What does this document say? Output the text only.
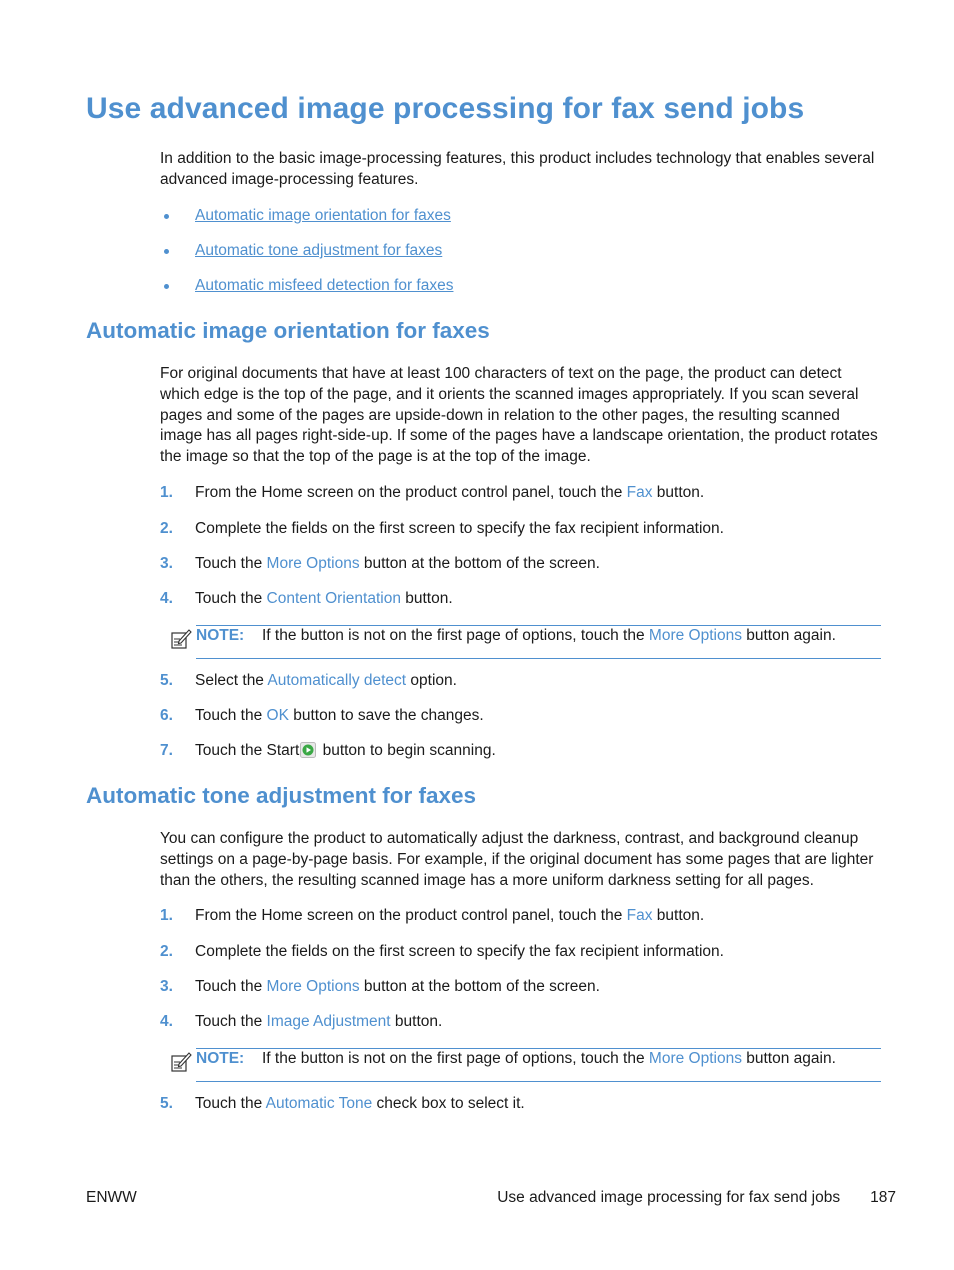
Use advanced image processing for fax send jobs

In addition to the basic image-processing features, this product includes technology that enables several advanced image-processing features.

Automatic image orientation for faxes
Automatic tone adjustment for faxes
Automatic misfeed detection for faxes
Automatic image orientation for faxes

For original documents that have at least 100 characters of text on the page, the product can detect which edge is the top of the page, and it orients the scanned images appropriately. If you scan several pages and some of the pages are upside-down in relation to the other pages, the resulting scanned image has all pages right-side-up. If some of the pages have a landscape orientation, the product rotates the image so that the top of the page is at the top of the image.

1. From the Home screen on the product control panel, touch the Fax button.
2. Complete the fields on the first screen to specify the fax recipient information.
3. Touch the More Options button at the bottom of the screen.
4. Touch the Content Orientation button.
NOTE: If the button is not on the first page of options, touch the More Options button again.
5. Select the Automatically detect option.
6. Touch the OK button to save the changes.
7. Touch the Start button to begin scanning.
Automatic tone adjustment for faxes

You can configure the product to automatically adjust the darkness, contrast, and background cleanup settings on a page-by-page basis. For example, if the original document has some pages that are lighter than the others, the resulting scanned image has a more uniform darkness setting for all pages.

1. From the Home screen on the product control panel, touch the Fax button.
2. Complete the fields on the first screen to specify the fax recipient information.
3. Touch the More Options button at the bottom of the screen.
4. Touch the Image Adjustment button.
NOTE: If the button is not on the first page of options, touch the More Options button again.
5. Touch the Automatic Tone check box to select it.
ENWW	Use advanced image processing for fax send jobs 187
